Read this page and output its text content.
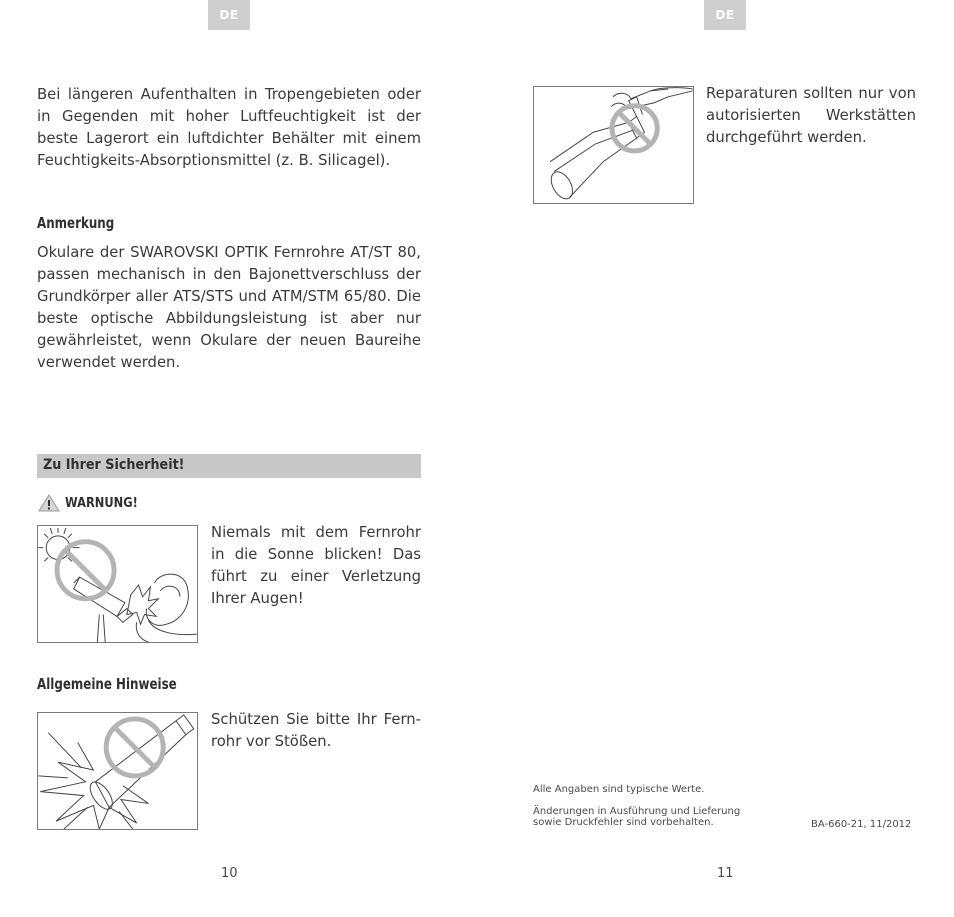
DE

Bei längeren Aufenthalten in Tropengebieten oder in Gegenden mit hoher Luftfeuchtigkeit ist der beste Lagerort ein luftdichter Behälter mit einem Feuchtigkeits-Absorptionsmittel (z. B. Silicagel).

Anmerkung

Okulare der SWAROVSKI OPTIK Fernrohre AT/ST 80, passen mechanisch in den Bajonettverschluss der Grundkörper aller ATS/STS und ATM/STM 65/80. Die beste optische Abbildungsleistung ist aber nur gewährleistet, wenn Okulare der neuen Baureihe verwendet werden.

Zu Ihrer Sicherheit!
WARNUNG!

Niemals mit dem Fernrohr in die Sonne blicken! Das führt zu einer Verletzung Ihrer Augen!

Allgemeine Hinweise

Schützen Sie bitte Ihr Fern-rohr vor Stößen.

10
DE

Reparaturen sollten nur von autorisierten Werkstätten durchgeführt werden.

Alle Angaben sind typische Werte.

Änderungen in Ausführung und Lieferung sowie Druckfehler sind vorbehalten.	BA-660-21, 11/2012

11
